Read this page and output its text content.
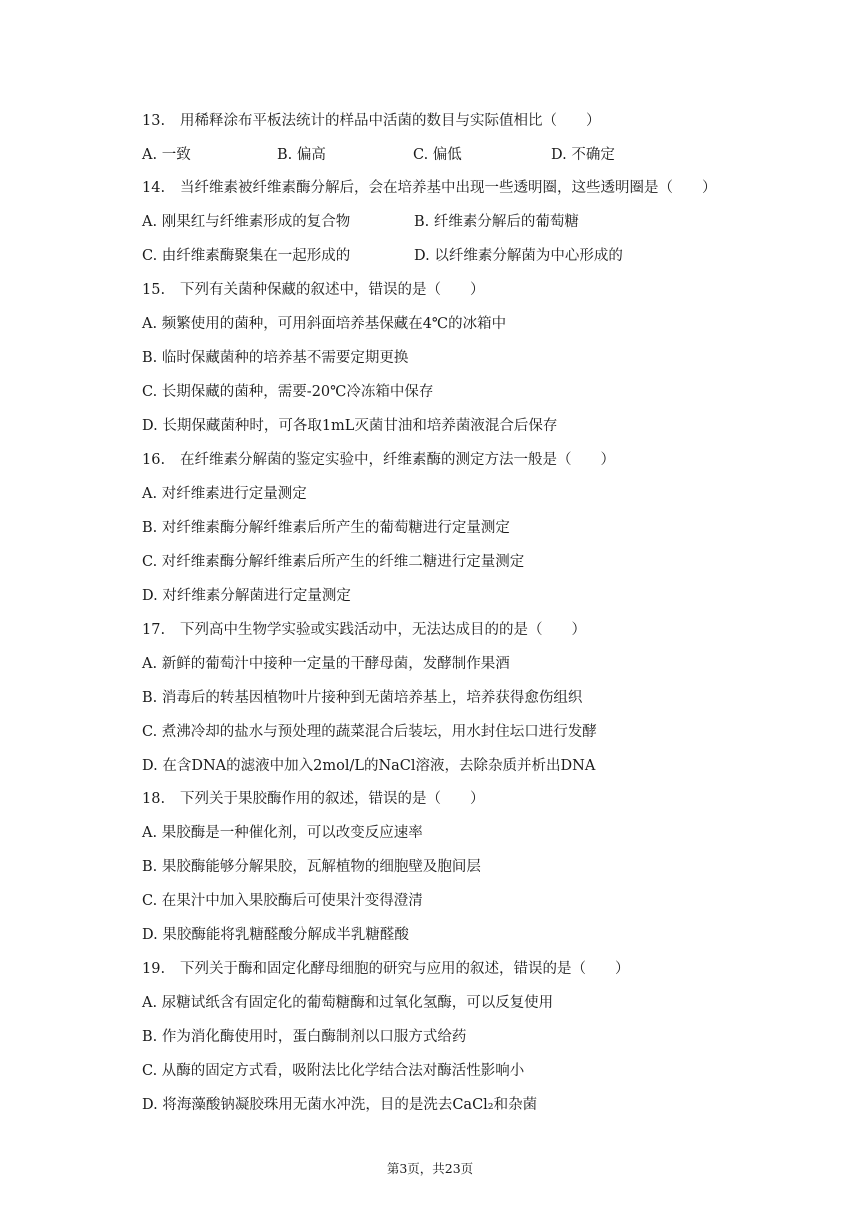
13. 用稀释涂布平板法统计的样品中活菌的数目与实际值相比（　　）
A. 一致	B. 偏高	C. 偏低	D. 不确定
14. 当纤维素被纤维素酶分解后，会在培养基中出现一些透明圈，这些透明圈是（　　）
A. 刚果红与纤维素形成的复合物	B. 纤维素分解后的葡萄糖
C. 由纤维素酶聚集在一起形成的	D. 以纤维素分解菌为中心形成的
15. 下列有关菌种保藏的叙述中，错误的是（　　）
A. 频繁使用的菌种，可用斜面培养基保藏在4℃的冰箱中
B. 临时保藏菌种的培养基不需要定期更换
C. 长期保藏的菌种，需要-20℃冷冻箱中保存
D. 长期保藏菌种时，可各取1mL灭菌甘油和培养菌液混合后保存
16. 在纤维素分解菌的鉴定实验中，纤维素酶的测定方法一般是（　　）
A. 对纤维素进行定量测定
B. 对纤维素酶分解纤维素后所产生的葡萄糖进行定量测定
C. 对纤维素酶分解纤维素后所产生的纤维二糖进行定量测定
D. 对纤维素分解菌进行定量测定
17. 下列高中生物学实验或实践活动中，无法达成目的的是（　　）
A. 新鲜的葡萄汁中接种一定量的干酵母菌，发酵制作果酒
B. 消毒后的转基因植物叶片接种到无菌培养基上，培养获得愈伤组织
C. 煮沸冷却的盐水与预处理的蔬菜混合后装坛，用水封住坛口进行发酵
D. 在含DNA的滤液中加入2mol/L的NaCl溶液，去除杂质并析出DNA
18. 下列关于果胶酶作用的叙述，错误的是（　　）
A. 果胶酶是一种催化剂，可以改变反应速率
B. 果胶酶能够分解果胶，瓦解植物的细胞壁及胞间层
C. 在果汁中加入果胶酶后可使果汁变得澄清
D. 果胶酶能将乳糖醛酸分解成半乳糖醛酸
19. 下列关于酶和固定化酵母细胞的研究与应用的叙述，错误的是（　　）
A. 尿糖试纸含有固定化的葡萄糖酶和过氧化氢酶，可以反复使用
B. 作为消化酶使用时，蛋白酶制剂以口服方式给药
C. 从酶的固定方式看，吸附法比化学结合法对酶活性影响小
D. 将海藻酸钠凝胶珠用无菌水冲洗，目的是洗去CaCl₂和杂菌
第3页，共23页
